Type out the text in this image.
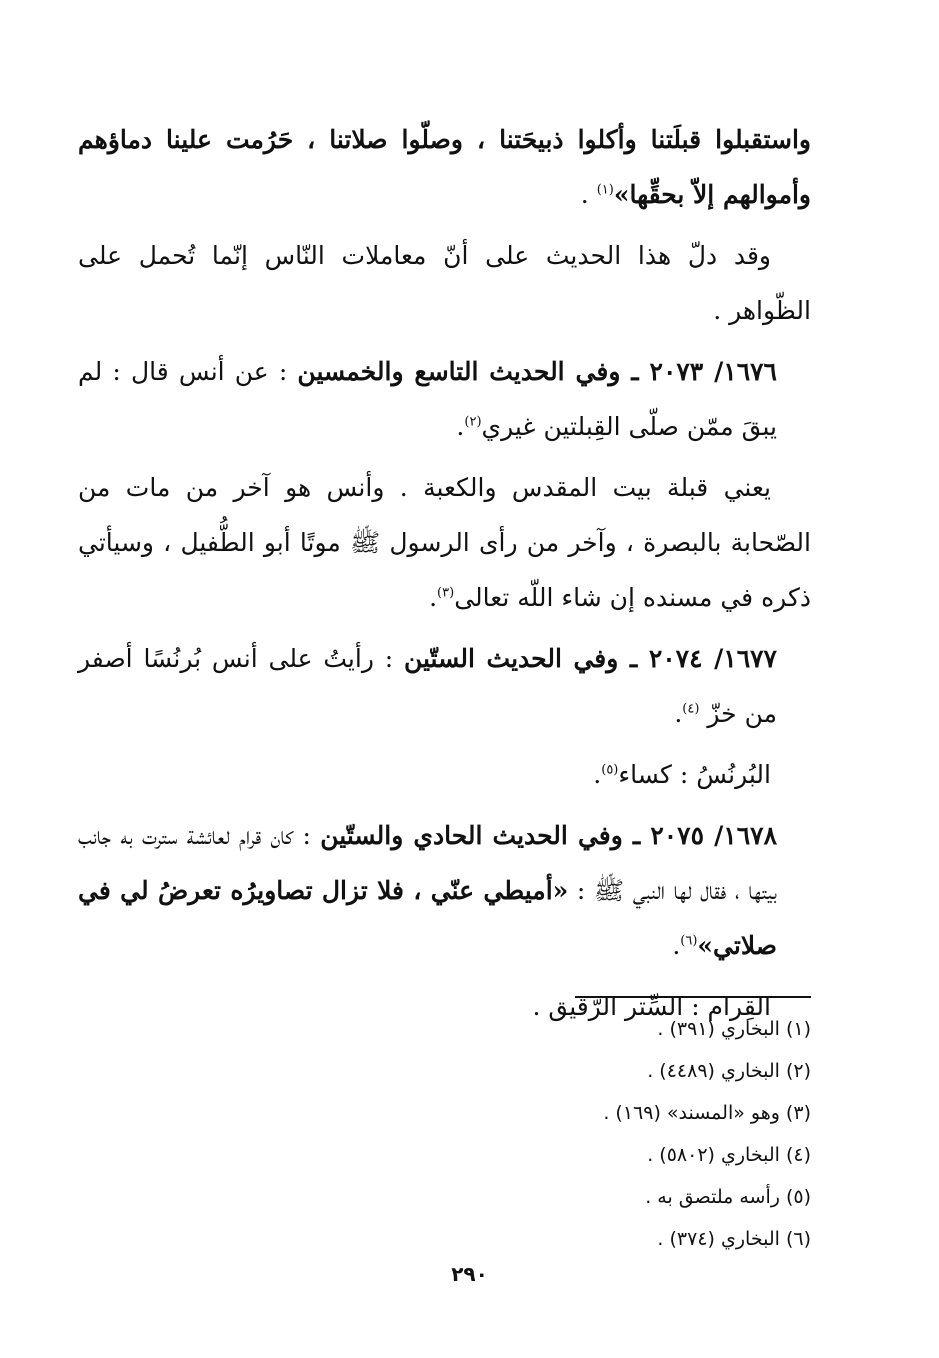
واستقبلوا قبلَتنا وأكلوا ذبيحَتنا ، وصلّوا صلاتنا ، حَرُمت علينا دماؤهم وأموالهم إلاّ بحقِّها»$^{(١)}$ .

وقد دلّ هذا الحديث على أنّ معاملات النّاس إنّما تُحمل على الظّواهر .

١٦٧٦/ ٢٠٧٣ ـ وفي الحديث التاسع والخمسين : عن أنس قال : لم يبقَ ممّن صلّى القِبلتين غيري$^{(٢)}$.

يعني قبلة بيت المقدس والكعبة . وأنس هو آخر من مات من الصّحابة بالبصرة ، وآخر من رأى الرسول ﷺ موتًا أبو الطُّفيل ، وسيأتي ذكره في مسنده إن شاء اللّه تعالى$^{(٣)}$.

١٦٧٧/ ٢٠٧٤ ـ وفي الحديث الستّين : رأيتُ على أنس بُرنُسًا أصفر من خزّ $^{(٤)}$.

البُرنُسُ : كساء$^{(٥)}$.

١٦٧٨/ ٢٠٧٥ ـ وفي الحديث الحادي والستّين : كان قرام لعائشة سترت به جانب بيتها ، فقال لها النبي ﷺ : «أميطي عنّي ، فلا تزال تصاويرُه تعرضُ لي في صلاتي»$^{(٦)}$.

القِرام : السِّتر الرّقيق .

(١) البخاري (٣٩١) .

(٢) البخاري (٤٤٨٩) .

(٣) وهو «المسند» (١٦٩) .

(٤) البخاري (٥٨٠٢) .

(٥) رأسه ملتصق به .

(٦) البخاري (٣٧٤) .

٢٩٠
